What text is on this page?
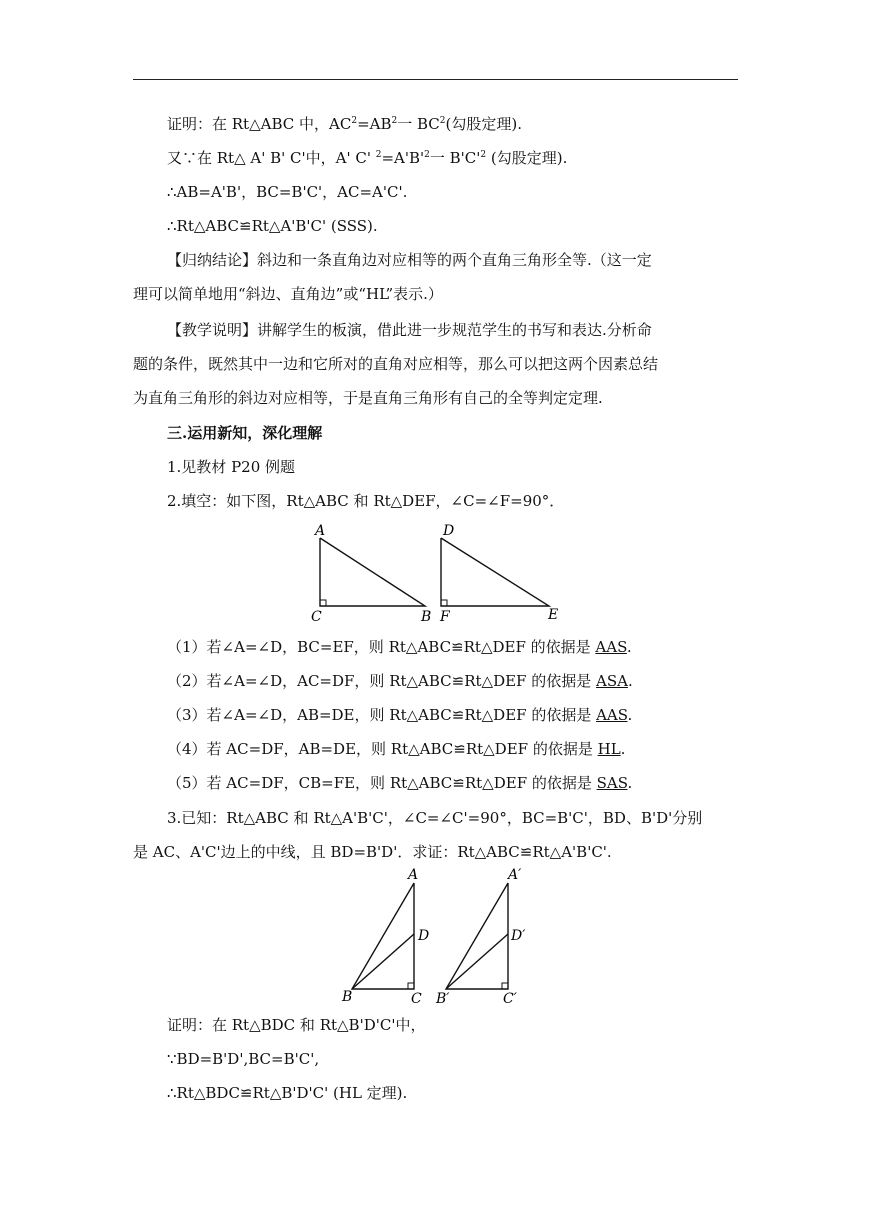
证明：在 Rt△ABC 中，$AC^2=AB^2$一 $BC^2$(勾股定理).
又∵在 Rt△ A' B' C'中，A' C' $^2=A'B'^2$一 $B'C'^2$ (勾股定理).
∴AB=A'B'，BC=B'C'，AC=A'C'.
∴Rt△ABC≌Rt△A'B'C' (SSS).
【归纳结论】斜边和一条直角边对应相等的两个直角三角形全等.（这一定
理可以简单地用“斜边、直角边”或“HL”表示.）
【教学说明】讲解学生的板演，借此进一步规范学生的书写和表达.分析命
题的条件，既然其中一边和它所对的直角对应相等，那么可以把这两个因素总结
为直角三角形的斜边对应相等，于是直角三角形有自己的全等判定定理.
三.运用新知，深化理解
1.见教材 P20 例题
2.填空：如下图，Rt△ABC 和 Rt△DEF，∠C=∠F=90°．
A
C	B
D
F	E
（1）若∠A=∠D，BC=EF，则 Rt△ABC≌Rt△DEF 的依据是 AAS.
（2）若∠A=∠D，AC=DF，则 Rt△ABC≌Rt△DEF 的依据是 ASA.
（3）若∠A=∠D，AB=DE，则 Rt△ABC≌Rt△DEF 的依据是 AAS.
（4）若 AC=DF，AB=DE，则 Rt△ABC≌Rt△DEF 的依据是 HL.
（5）若 AC=DF，CB=FE，则 Rt△ABC≌Rt△DEF 的依据是 SAS.
3.已知：Rt△ABC 和 Rt△A'B'C'，∠C=∠C'=90°，BC=B'C'，BD、B'D'分别
是 AC、A'C'边上的中线，且 BD=B'D'．求证：Rt△ABC≌Rt△A'B'C'.
A
D
B	C
A′
D′
B′	C′
证明：在 Rt△BDC 和 Rt△B'D'C'中，
∵BD=B'D',BC=B'C',
∴Rt△BDC≌Rt△B'D'C' (HL 定理).
